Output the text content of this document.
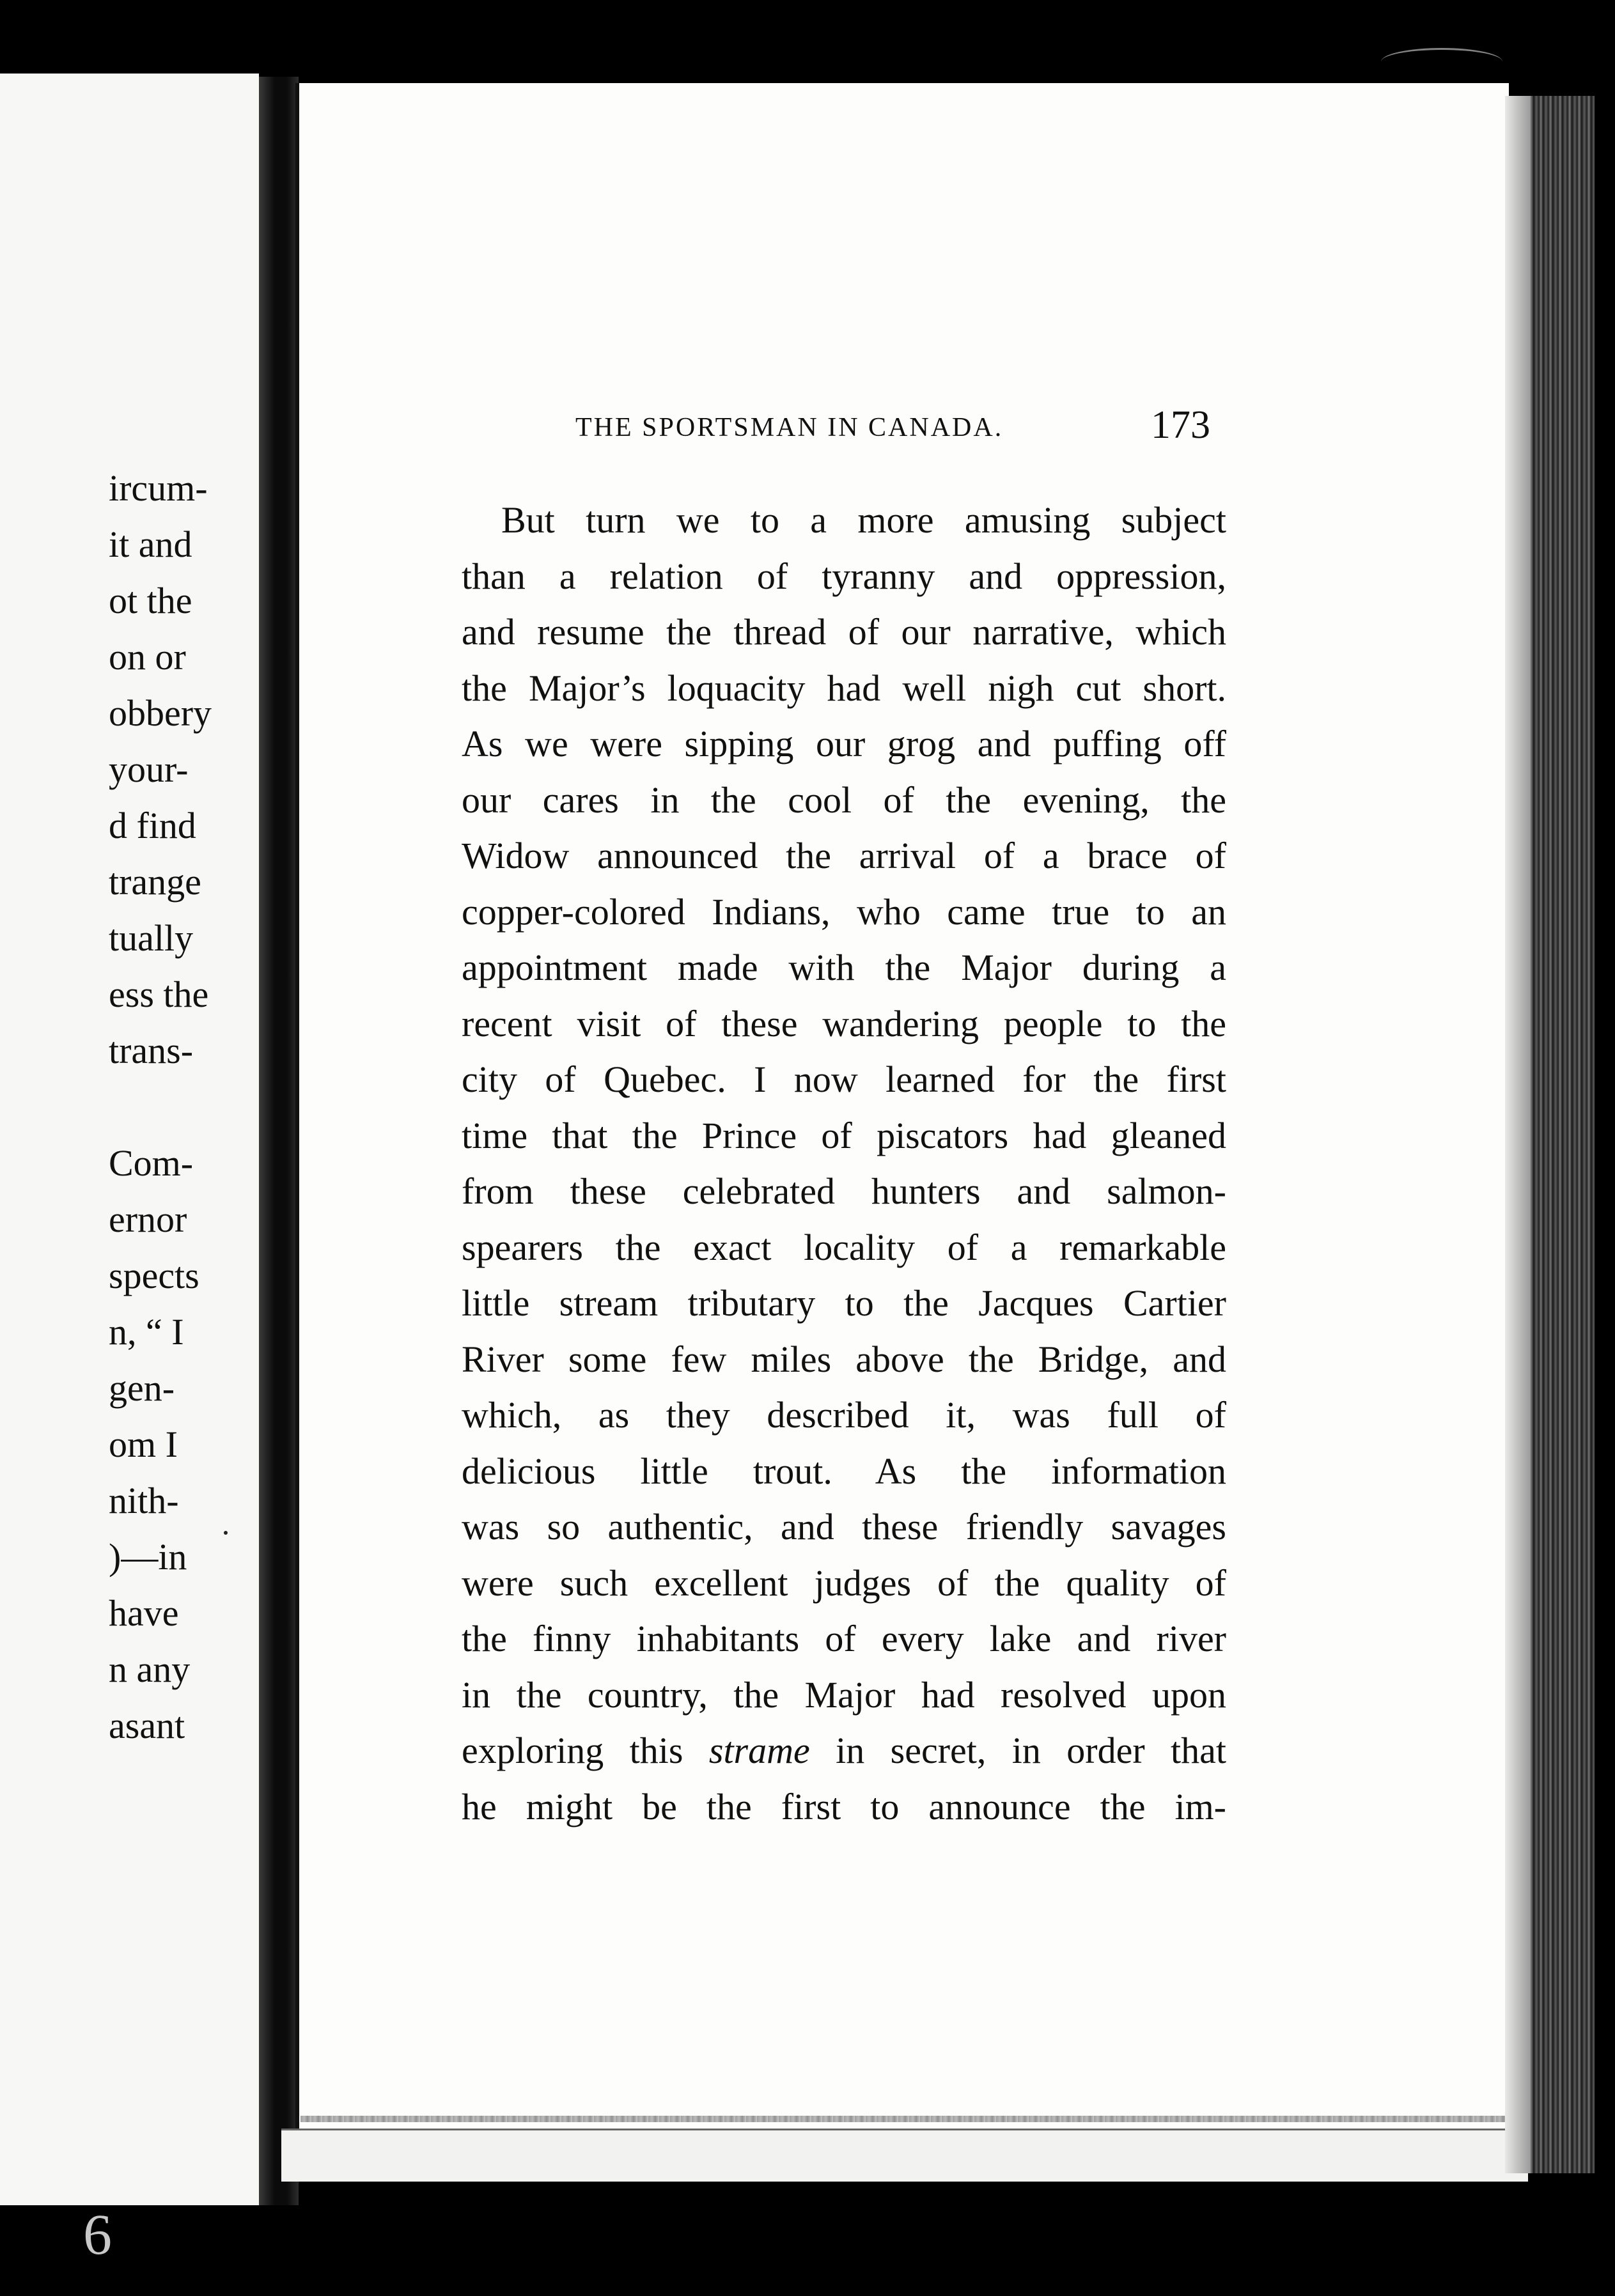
ircum-
it and
ot the
on or
obbery
your-
d find
trange
tually
ess the
trans-
Com-
ernor
spects
n, “ I
gen-
om I
nith-
)—in
have
n any
asant
6
THE SPORTSMAN IN CANADA.	173
But turn we to a more amusing subject
than a relation of tyranny and oppression,
and resume the thread of our narrative, which
the Major’s loquacity had well nigh cut short.
As we were sipping our grog and puffing off
our cares in the cool of the evening, the
Widow announced the arrival of a brace of
copper-colored Indians, who came true to an
appointment made with the Major during a
recent visit of these wandering people to the
city of Quebec. I now learned for the first
time that the Prince of piscators had gleaned
from these celebrated hunters and salmon-
spearers the exact locality of a remarkable
little stream tributary to the Jacques Cartier
River some few miles above the Bridge, and
which, as they described it, was full of
delicious little trout. As the information
was so authentic, and these friendly savages
were such excellent judges of the quality of
the finny inhabitants of every lake and river
in the country, the Major had resolved upon
exploring this strame in secret, in order that
he might be the first to announce the im-
